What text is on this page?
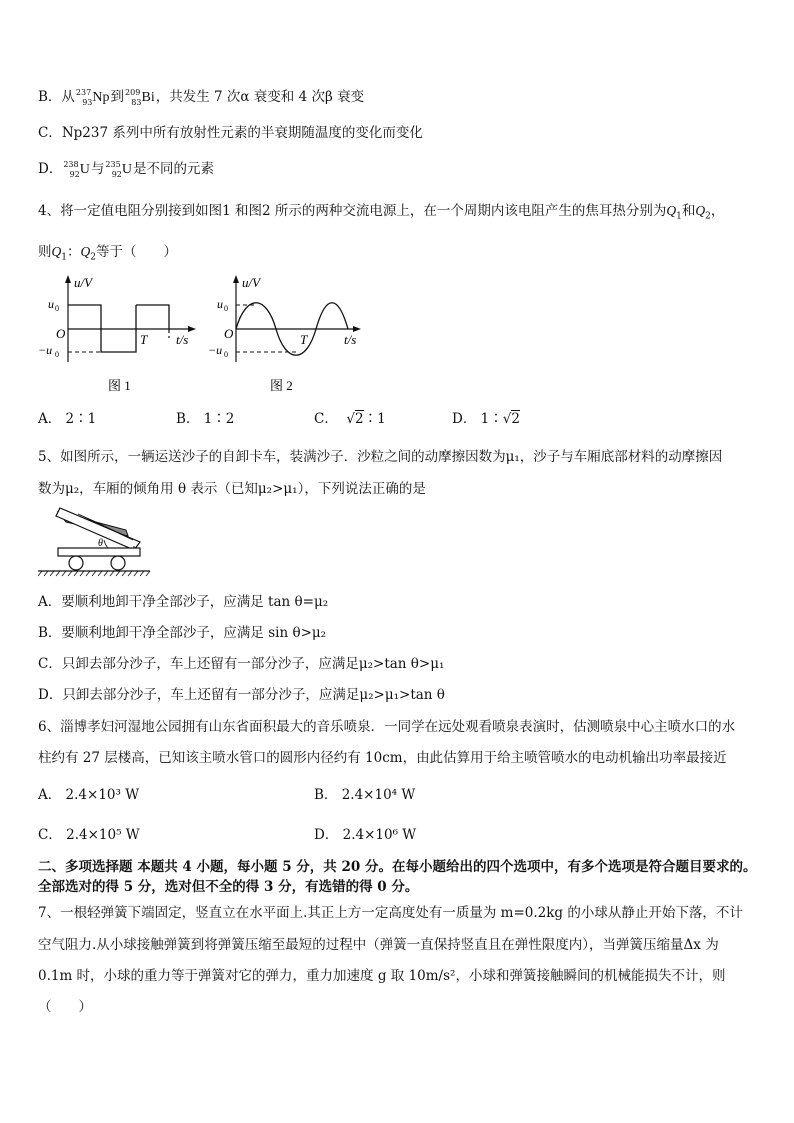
B．从$^{237}_{93}$Np到$^{209}_{83}$Bi，共发生 7 次α 衰变和 4 次β 衰变
C．Np237 系列中所有放射性元素的半衰期随温度的变化而变化
D．$^{238}_{92}$U与$^{235}_{92}$U是不同的元素
4、将一定值电阻分别接到如图1 和图2 所示的两种交流电源上，在一个周期内该电阻产生的焦耳热分别为$Q_1$和$Q_2$，
则$Q_1$：$Q_2$等于（　　）
u/V
u 0
−u 0
O	T t/s
图 1
u/V
u 0
−u 0
O	T	t/s
图 2
A． 2∶1	B． 1∶2	C．  √2∶1	D． 1∶√2
5、如图所示，一辆运送沙子的自卸卡车，装满沙子．沙粒之间的动摩擦因数为μ₁，沙子与车厢底部材料的动摩擦因
数为μ₂，车厢的倾角用 θ 表示（已知μ₂>μ₁），下列说法正确的是
θ
A．要顺利地卸干净全部沙子，应满足 tan θ=μ₂
B．要顺利地卸干净全部沙子，应满足 sin θ>μ₂
C．只卸去部分沙子，车上还留有一部分沙子，应满足μ₂>tan θ>μ₁
D．只卸去部分沙子，车上还留有一部分沙子，应满足μ₂>μ₁>tan θ
6、淄博孝妇河湿地公园拥有山东省面积最大的音乐喷泉．一同学在远处观看喷泉表演时，估测喷泉中心主喷水口的水
柱约有 27 层楼高，已知该主喷水管口的圆形内径约有 10cm，由此估算用于给主喷管喷水的电动机输出功率最接近
A． 2.4×10³ W	B． 2.4×10⁴ W
C． 2.4×10⁵ W	D． 2.4×10⁶ W
二、多项选择题 本题共 4 小题，每小题 5 分，共 20 分。在每小题给出的四个选项中，有多个选项是符合题目要求的。
全部选对的得 5 分，选对但不全的得 3 分，有选错的得 0 分。
7、一根轻弹簧下端固定，竖直立在水平面上.其正上方一定高度处有一质量为 m=0.2kg 的小球从静止开始下落，不计
空气阻力.从小球接触弹簧到将弹簧压缩至最短的过程中（弹簧一直保持竖直且在弹性限度内），当弹簧压缩量Δx 为
0.1m 时，小球的重力等于弹簧对它的弹力，重力加速度 g 取 10m/s²，小球和弹簧接触瞬间的机械能损失不计，则
（　　）
